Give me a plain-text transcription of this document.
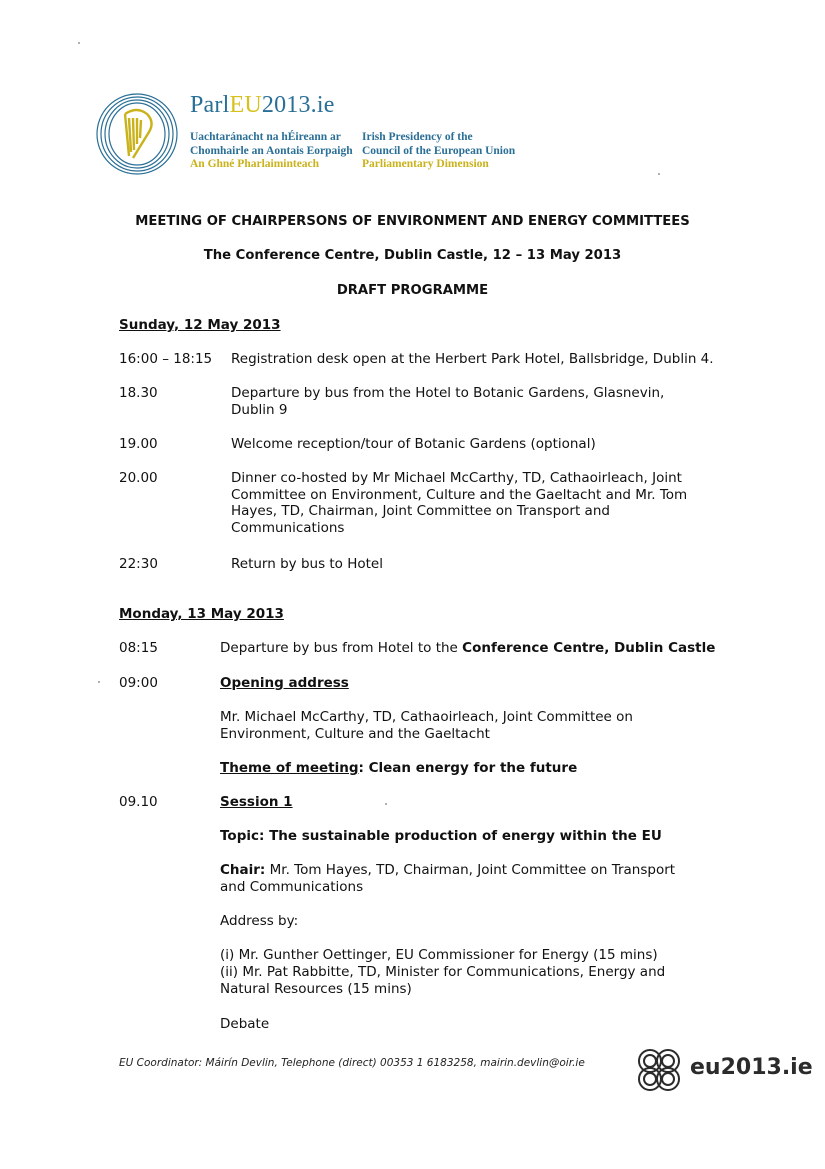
ParlEU2013.ie
Uachtaránacht na hÉireann ar
Chomhairle an Aontais Eorpaigh
An Ghné Pharlaiminteach
Irish Presidency of the
Council of the European Union
Parliamentary Dimension
MEETING OF CHAIRPERSONS OF ENVIRONMENT AND ENERGY COMMITTEES
The Conference Centre, Dublin Castle, 12 – 13 May 2013
DRAFT PROGRAMME
Sunday, 12 May 2013
16:00 – 18:15 Registration desk open at the Herbert Park Hotel, Ballsbridge, Dublin 4.
18.30	Departure by bus from the Hotel to Botanic Gardens, Glasnevin, Dublin 9
19.00	Welcome reception/tour of Botanic Gardens (optional)
20.00	Dinner co-hosted by Mr Michael McCarthy, TD, Cathaoirleach, Joint Committee on Environment, Culture and the Gaeltacht and Mr. Tom Hayes, TD, Chairman, Joint Committee on Transport and Communications
22:30	Return by bus to Hotel
Monday, 13 May 2013
08:15	Departure by bus from Hotel to the Conference Centre, Dublin Castle
09:00	Opening address
Mr. Michael McCarthy, TD, Cathaoirleach, Joint Committee on Environment, Culture and the Gaeltacht
Theme of meeting: Clean energy for the future
09.10	Session 1
Topic: The sustainable production of energy within the EU
Chair: Mr. Tom Hayes, TD, Chairman, Joint Committee on Transport and Communications
Address by:
(i) Mr. Gunther Oettinger, EU Commissioner for Energy (15 mins)
(ii) Mr. Pat Rabbitte, TD, Minister for Communications, Energy and Natural Resources (15 mins)
Debate
EU Coordinator: Máirín Devlin, Telephone (direct) 00353 1 6183258, mairin.devlin@oir.ie	eu2013.ie
